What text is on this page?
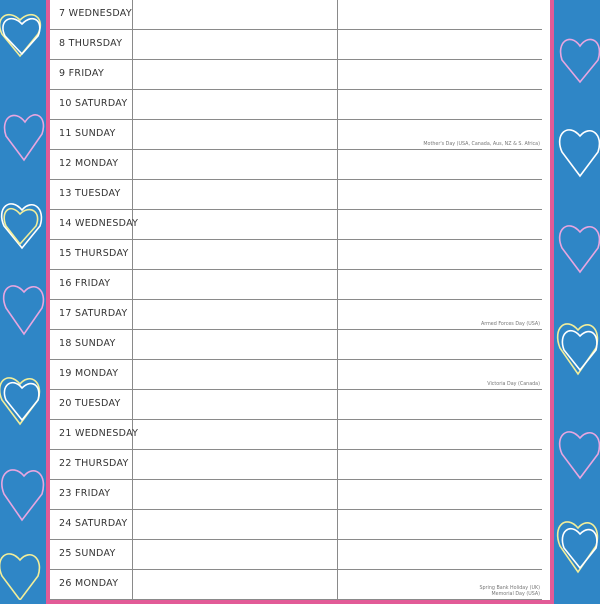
7 WEDNESDAY
8 THURSDAY
9 FRIDAY
10 SATURDAY
11 SUNDAY
Mother's Day (USA, Canada, Aus, NZ & S. Africa)
12 MONDAY
13 TUESDAY
14 WEDNESDAY
15 THURSDAY
16 FRIDAY
17 SATURDAY
Armed Forces Day (USA)
18 SUNDAY
19 MONDAY
Victoria Day (Canada)
20 TUESDAY
21 WEDNESDAY
22 THURSDAY
23 FRIDAY
24 SATURDAY
25 SUNDAY
26 MONDAY	Spring Bank Holiday (UK)
Memorial Day (USA)
